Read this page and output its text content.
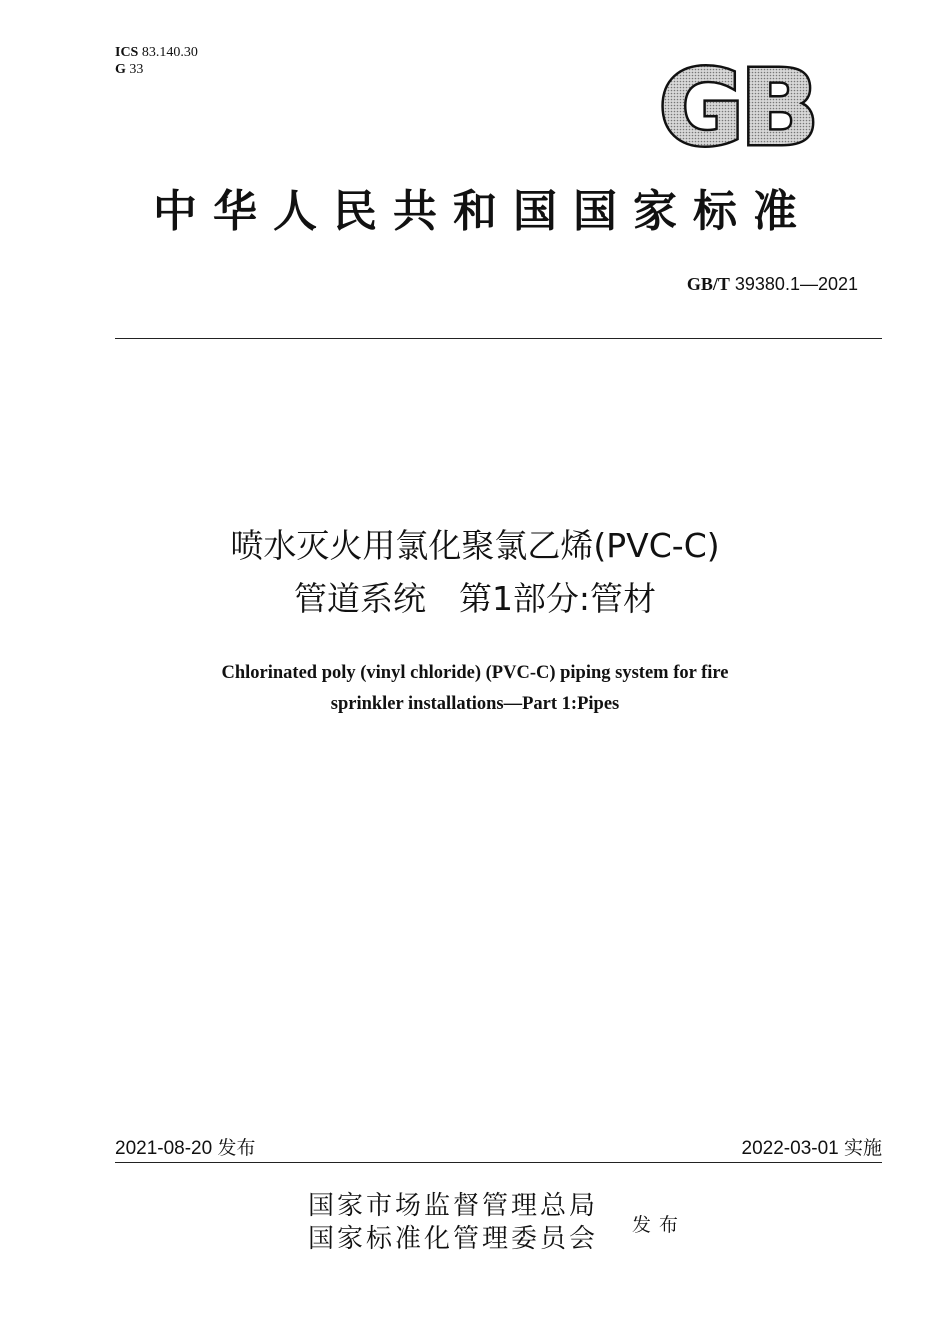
ICS 83.140.30
G 33	GB
中华人民共和国国家标准
GB/T 39380.1—2021
喷水灭火用氯化聚氯乙烯(PVC-C)
管道系统　第1部分:管材
Chlorinated poly (vinyl chloride) (PVC-C) piping system for fire
sprinkler installations—Part 1:Pipes
2021-08-20 发布	2022-03-01 实施
国家市场监督管理总局
国家标准化管理委员会 发布
